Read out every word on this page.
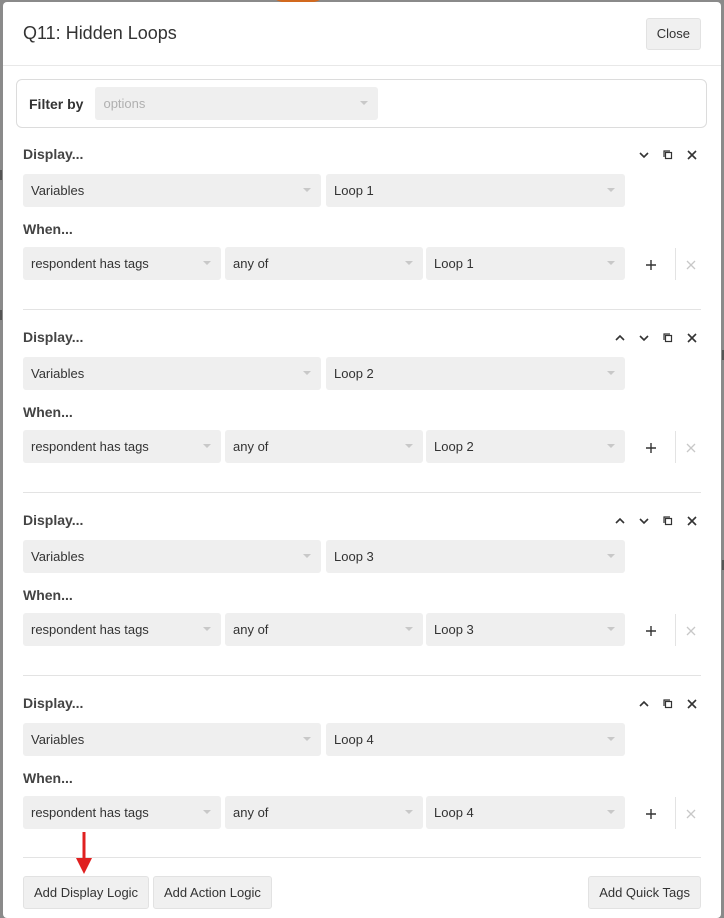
Q11: Hidden Loops	Close
Filter by options
Display...
Variables	Loop 1
When...
respondent has tags	any of	Loop 1
Display...
Variables	Loop 2
When...
respondent has tags	any of	Loop 2
Display...
Variables	Loop 3
When...
respondent has tags	any of	Loop 3
Display...
Variables	Loop 4
When...
respondent has tags	any of	Loop 4
Add Display Logic	Add Action Logic	Add Quick Tags
